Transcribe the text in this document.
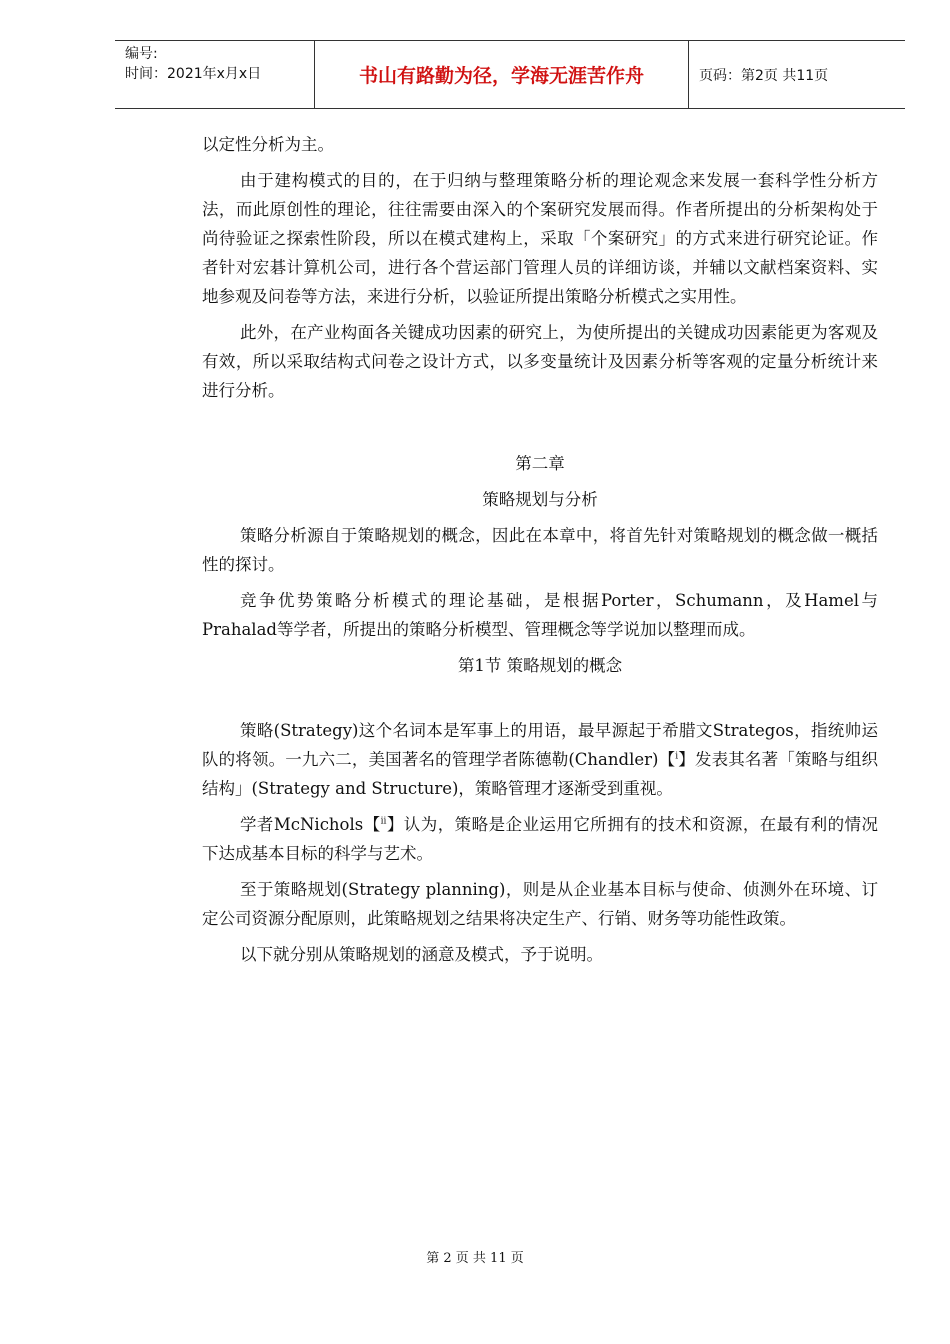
编号:
时间：2021年x月x日	书山有路勤为径，学海无涯苦作舟	页码：第2页 共11页

以定性分析为主。

由于建构模式的目的，在于归纳与整理策略分析的理论观念来发展一套科学性分析方法，而此原创性的理论，往往需要由深入的个案研究发展而得。作者所提出的分析架构处于尚待验证之探索性阶段，所以在模式建构上，采取「个案研究」的方式来进行研究论证。作者针对宏碁计算机公司，进行各个营运部门管理人员的详细访谈，并辅以文献档案资料、实地参观及问卷等方法，来进行分析，以验证所提出策略分析模式之实用性。

此外，在产业构面各关键成功因素的研究上，为使所提出的关键成功因素能更为客观及有效，所以采取结构式问卷之设计方式，以多变量统计及因素分析等客观的定量分析统计来进行分析。

第二章

策略规划与分析

策略分析源自于策略规划的概念，因此在本章中，将首先针对策略规划的概念做一概括性的探讨。

竞争优势策略分析模式的理论基础，是根据Porter，Schumann，及Hamel与Prahalad等学者，所提出的策略分析模型、管理概念等学说加以整理而成。

第1节 策略规划的概念

策略(Strategy)这个名词本是军事上的用语，最早源起于希腊文Strategos，指统帅运队的将领。一九六二，美国著名的管理学者陈德勒(Chandler)【$^i$】发表其名著「策略与组织结构」(Strategy and Structure)，策略管理才逐渐受到重视。

学者McNichols【$^{ii}$】认为，策略是企业运用它所拥有的技术和资源，在最有利的情况下达成基本目标的科学与艺术。

至于策略规划(Strategy planning)，则是从企业基本目标与使命、侦测外在环境、订定公司资源分配原则，此策略规划之结果将决定生产、行销、财务等功能性政策。

以下就分别从策略规划的涵意及模式，予于说明。

第 2 页 共 11 页
